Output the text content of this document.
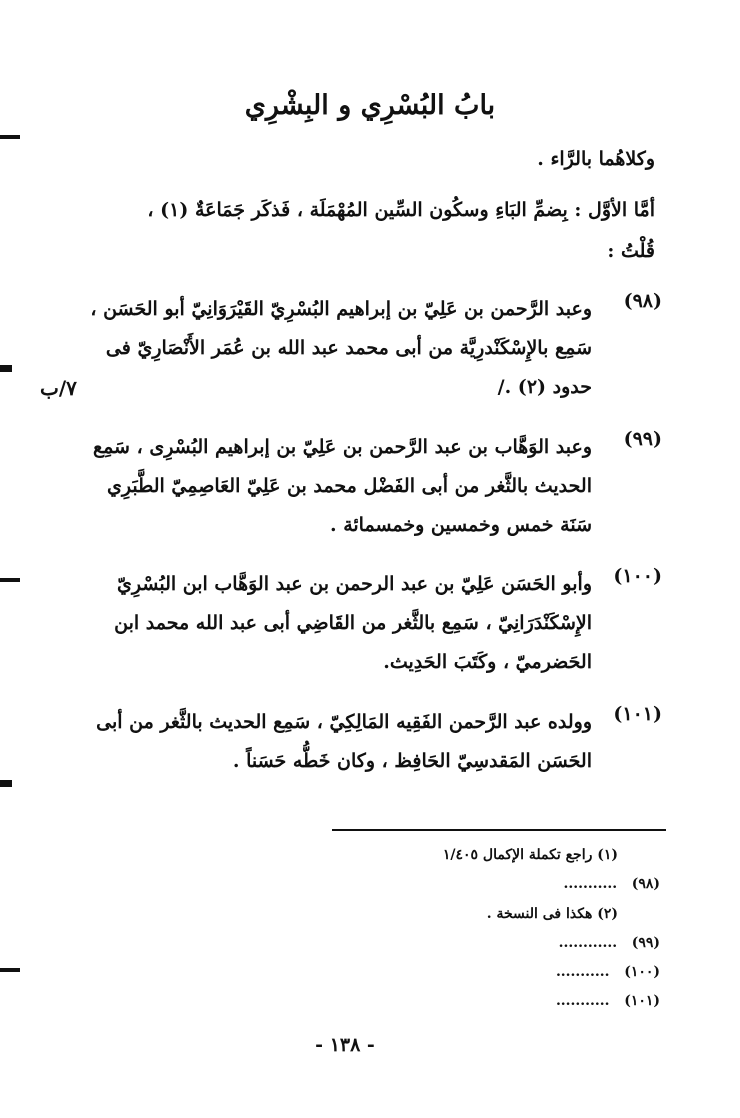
بابُ البُسْرِي و البِشْرِي
وكلاهُما بالرَّاء .
أمَّا الأوَّل : بِضمِّ البَاءِ وسكُون السِّين المُهْمَلَة ، فَذكَر جَمَاعَةٌ (١) ،
قُلْتُ :
(٩٨)
وعبد الرَّحمن بن عَلِيّ بن إبراهيم البُسْرِيّ القَيْرَوَانِيّ أبو الحَسَن ،
سَمِع بالإِسْكَنْدرِيَّة من أبى محمد عبد الله بن عُمَر الأَنْصَارِيّ فى
حدود (٢) ./
(٩٩)
وعبد الوَهَّاب بن عبد الرَّحمن بن عَلِيّ بن إبراهيم البُسْرِى ، سَمِع
الحديث بالثَّغر من أبى الفَضْل محمد بن عَلِيّ العَاصِمِيّ الطَّبَرِي
سَنَة خمس وخمسين وخمسمائة .
(١٠٠)
وأبو الحَسَن عَلِيّ بن عبد الرحمن بن عبد الوَهَّاب ابن البُسْرِيّ
الإِسْكَنْدَرَانِيّ ، سَمِع بالثَّغر من القَاضِي أبى عبد الله محمد ابن
الحَضرميّ ، وكَتَبَ الحَدِيث.
(١٠١)
وولده عبد الرَّحمن الفَقِيه المَالِكِيّ ، سَمِع الحديث بالثَّغر من أبى
الحَسَن المَقدسِيّ الحَافِظ ، وكان خَطُّه حَسَناً .
٧/ب
(١) راجع تكملة الإكمال ١/٤٠٥
(٩٨)   ...........
(٢) هكذا فى النسخة .
(٩٩)   ............
(١٠٠)   ...........
(١٠١)   ...........
- ١٣٨ -
